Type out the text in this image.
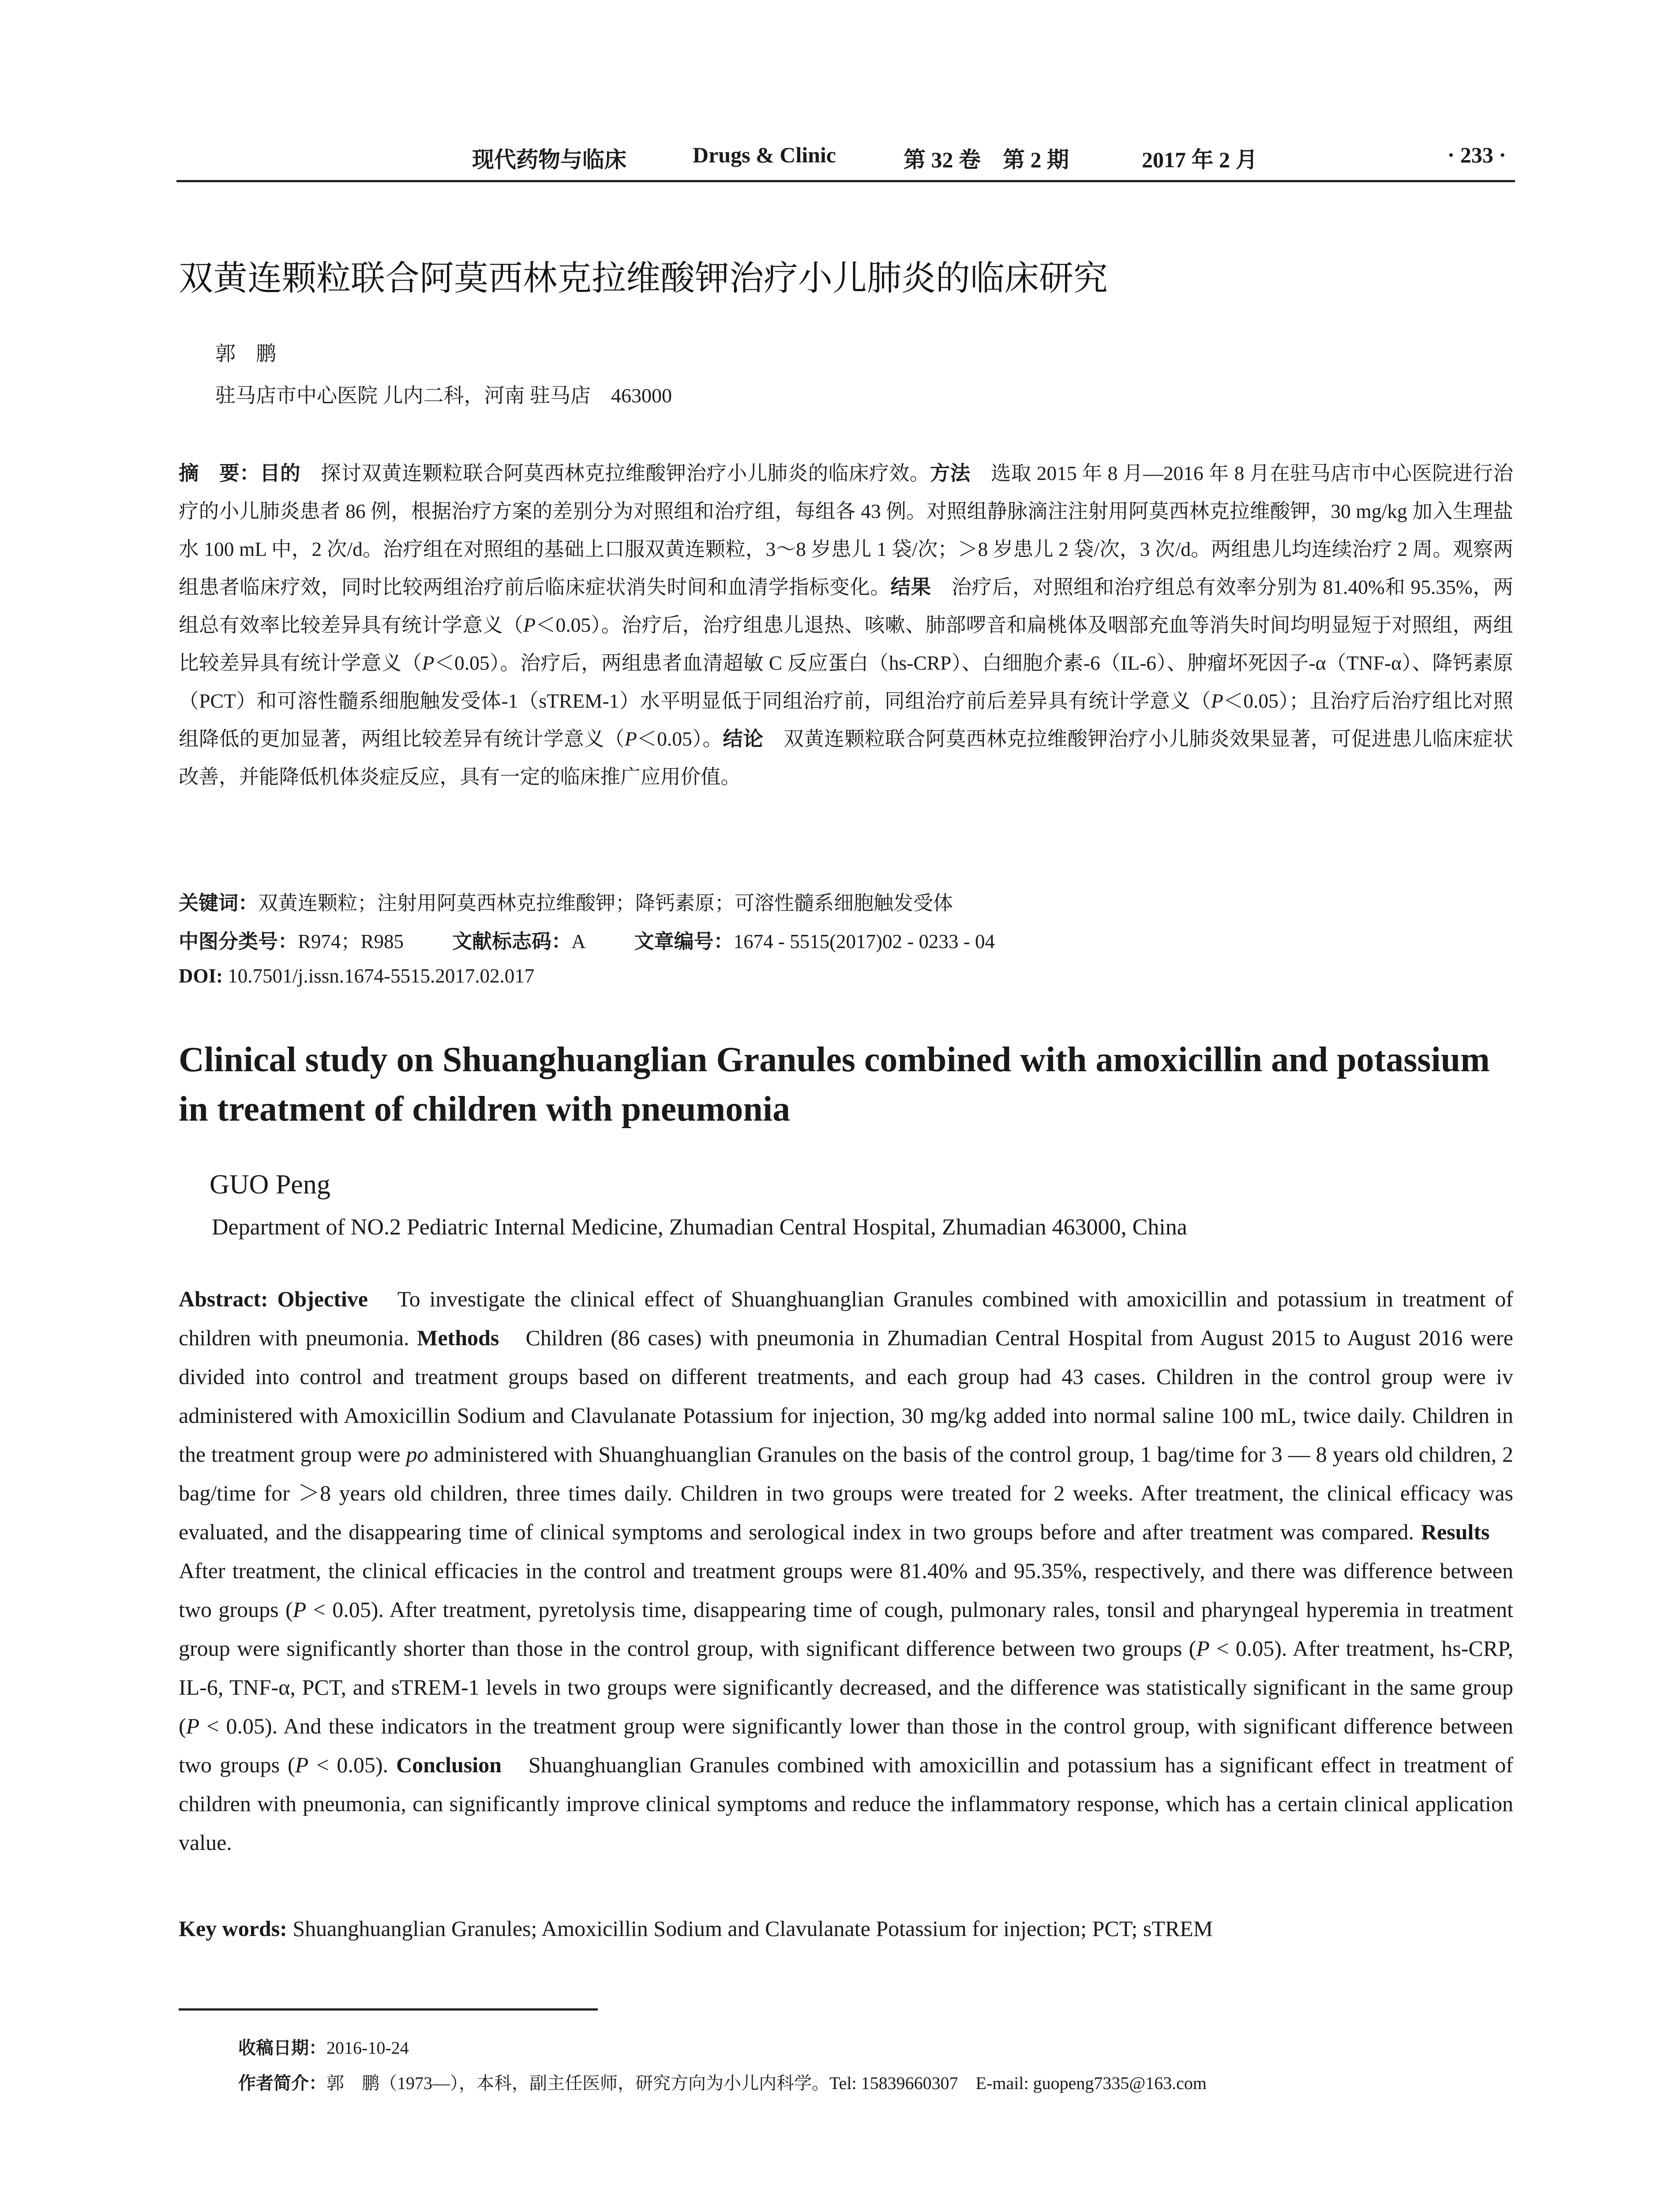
现代药物与临床	Drugs & Clinic	第 32 卷　第 2 期	2017 年 2 月	· 233 ·
双黄连颗粒联合阿莫西林克拉维酸钾治疗小儿肺炎的临床研究
郭　鹏
驻马店市中心医院 儿内二科，河南 驻马店　463000
摘　要：目的　探讨双黄连颗粒联合阿莫西林克拉维酸钾治疗小儿肺炎的临床疗效。方法　选取 2015 年 8 月—2016 年 8 月在驻马店市中心医院进行治疗的小儿肺炎患者 86 例，根据治疗方案的差别分为对照组和治疗组，每组各 43 例。对照组静脉滴注注射用阿莫西林克拉维酸钾，30 mg/kg 加入生理盐水 100 mL 中，2 次/d。治疗组在对照组的基础上口服双黄连颗粒，3～8 岁患儿 1 袋/次；＞8 岁患儿 2 袋/次，3 次/d。两组患儿均连续治疗 2 周。观察两组患者临床疗效，同时比较两组治疗前后临床症状消失时间和血清学指标变化。结果　治疗后，对照组和治疗组总有效率分别为 81.40%和 95.35%，两组总有效率比较差异具有统计学意义（P＜0.05）。治疗后，治疗组患儿退热、咳嗽、肺部啰音和扁桃体及咽部充血等消失时间均明显短于对照组，两组比较差异具有统计学意义（P＜0.05）。治疗后，两组患者血清超敏 C 反应蛋白（hs-CRP）、白细胞介素-6（IL-6）、肿瘤坏死因子-α（TNF-α）、降钙素原（PCT）和可溶性髓系细胞触发受体-1（sTREM-1）水平明显低于同组治疗前，同组治疗前后差异具有统计学意义（P＜0.05）；且治疗后治疗组比对照组降低的更加显著，两组比较差异有统计学意义（P＜0.05）。结论　双黄连颗粒联合阿莫西林克拉维酸钾治疗小儿肺炎效果显著，可促进患儿临床症状改善，并能降低机体炎症反应，具有一定的临床推广应用价值。
关键词：双黄连颗粒；注射用阿莫西林克拉维酸钾；降钙素原；可溶性髓系细胞触发受体
中图分类号：R974；R985 文献标志码：A 文章编号：1674 - 5515(2017)02 - 0233 - 04
DOI: 10.7501/j.issn.1674-5515.2017.02.017
Clinical study on Shuanghuanglian Granules combined with amoxicillin and potassium in treatment of children with pneumonia
GUO Peng
Department of NO.2 Pediatric Internal Medicine, Zhumadian Central Hospital, Zhumadian 463000, China
Abstract: Objective　To investigate the clinical effect of Shuanghuanglian Granules combined with amoxicillin and potassium in treatment of children with pneumonia. Methods　Children (86 cases) with pneumonia in Zhumadian Central Hospital from August 2015 to August 2016 were divided into control and treatment groups based on different treatments, and each group had 43 cases. Children in the control group were iv administered with Amoxicillin Sodium and Clavulanate Potassium for injection, 30 mg/kg added into normal saline 100 mL, twice daily. Children in the treatment group were po administered with Shuanghuanglian Granules on the basis of the control group, 1 bag/time for 3 — 8 years old children, 2 bag/time for ＞8 years old children, three times daily. Children in two groups were treated for 2 weeks. After treatment, the clinical efficacy was evaluated, and the disappearing time of clinical symptoms and serological index in two groups before and after treatment was compared. Results　After treatment, the clinical efficacies in the control and treatment groups were 81.40% and 95.35%, respectively, and there was difference between two groups (P < 0.05). After treatment, pyretolysis time, disappearing time of cough, pulmonary rales, tonsil and pharyngeal hyperemia in treatment group were significantly shorter than those in the control group, with significant difference between two groups (P < 0.05). After treatment, hs-CRP, IL-6, TNF-α, PCT, and sTREM-1 levels in two groups were significantly decreased, and the difference was statistically significant in the same group (P < 0.05). And these indicators in the treatment group were significantly lower than those in the control group, with significant difference between two groups (P < 0.05). Conclusion　Shuanghuanglian Granules combined with amoxicillin and potassium has a significant effect in treatment of children with pneumonia, can significantly improve clinical symptoms and reduce the inflammatory response, which has a certain clinical application value.
Key words: Shuanghuanglian Granules; Amoxicillin Sodium and Clavulanate Potassium for injection; PCT; sTREM
收稿日期：2016-10-24
作者简介：郭　鹏（1973—），本科，副主任医师，研究方向为小儿内科学。Tel: 15839660307　E-mail: guopeng7335@163.com
